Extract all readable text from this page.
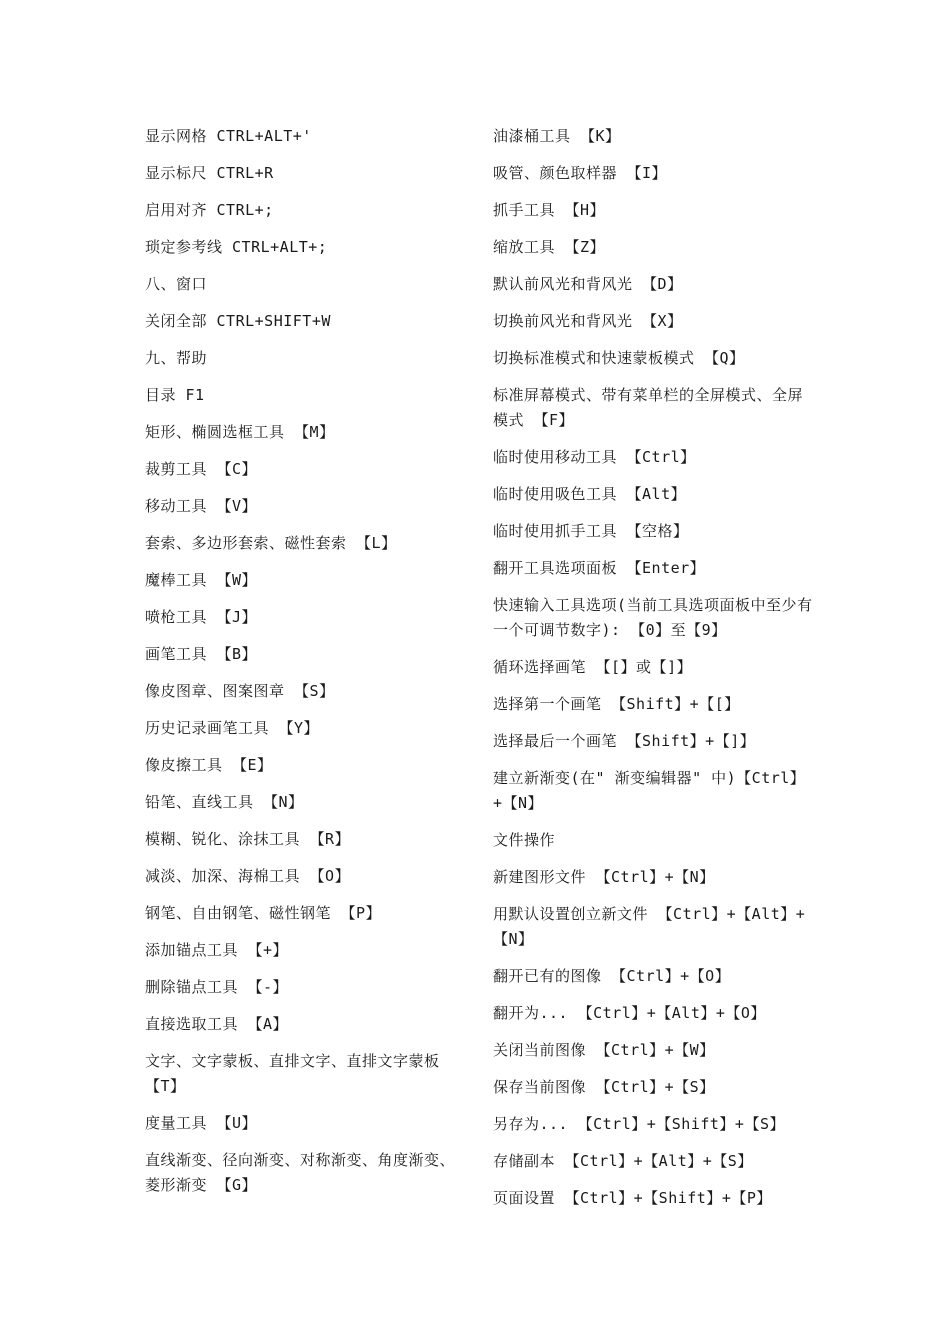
显示网格 CTRL+ALT+'
显示标尺 CTRL+R
启用对齐 CTRL+;
琐定参考线 CTRL+ALT+;
八、窗口
关闭全部 CTRL+SHIFT+W
九、帮助
目录 F1
矩形、椭圆选框工具 【M】
裁剪工具 【C】
移动工具 【V】
套索、多边形套索、磁性套索 【L】
魔棒工具 【W】
喷枪工具 【J】
画笔工具 【B】
像皮图章、图案图章 【S】
历史记录画笔工具 【Y】
像皮擦工具 【E】
铅笔、直线工具 【N】
模糊、锐化、涂抹工具 【R】
减淡、加深、海棉工具 【O】
钢笔、自由钢笔、磁性钢笔 【P】
添加锚点工具 【+】
删除锚点工具 【-】
直接选取工具 【A】
文字、文字蒙板、直排文字、直排文字蒙板 【T】
度量工具 【U】
直线渐变、径向渐变、对称渐变、角度渐变、菱形渐变 【G】
油漆桶工具 【K】
吸管、颜色取样器 【I】
抓手工具 【H】
缩放工具 【Z】
默认前风光和背风光 【D】
切换前风光和背风光 【X】
切换标准模式和快速蒙板模式 【Q】
标准屏幕模式、带有菜单栏的全屏模式、全屏模式 【F】
临时使用移动工具 【Ctrl】
临时使用吸色工具 【Alt】
临时使用抓手工具 【空格】
翻开工具选项面板 【Enter】
快速输入工具选项(当前工具选项面板中至少有一个可调节数字): 【0】至【9】
循环选择画笔 【[】或【]】
选择第一个画笔 【Shift】+【[】
选择最后一个画笔 【Shift】+【]】
建立新渐变(在" 渐变编辑器" 中)【Ctrl】+【N】
文件操作
新建图形文件 【Ctrl】+【N】
用默认设置创立新文件 【Ctrl】+【Alt】+【N】
翻开已有的图像 【Ctrl】+【O】
翻开为... 【Ctrl】+【Alt】+【O】
关闭当前图像 【Ctrl】+【W】
保存当前图像 【Ctrl】+【S】
另存为... 【Ctrl】+【Shift】+【S】
存储副本 【Ctrl】+【Alt】+【S】
页面设置 【Ctrl】+【Shift】+【P】
